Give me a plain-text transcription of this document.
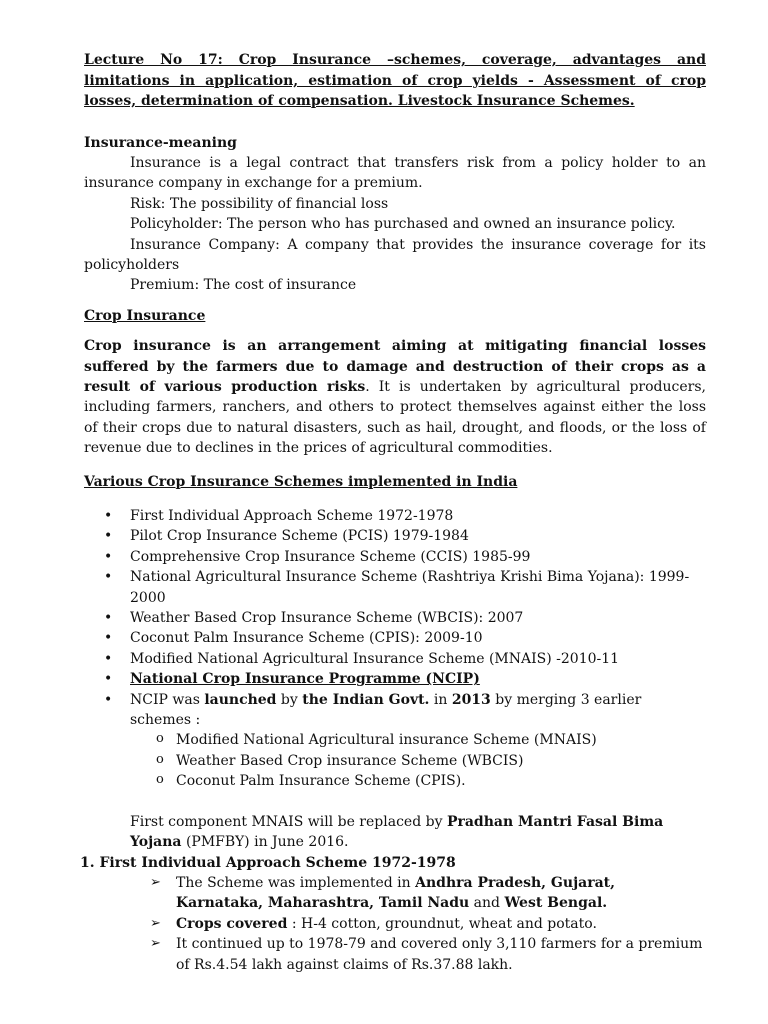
Lecture No 17: Crop Insurance –schemes, coverage, advantages and limitations in application, estimation of crop yields - Assessment of crop losses, determination of compensation. Livestock Insurance Schemes.

Insurance-meaning

Insurance is a legal contract that transfers risk from a policy holder to an insurance company in exchange for a premium.

Risk: The possibility of financial loss

Policyholder: The person who has purchased and owned an insurance policy.

Insurance Company: A company that provides the insurance coverage for its policyholders

Premium: The cost of insurance

Crop Insurance

Crop insurance is an arrangement aiming at mitigating financial losses suffered by the farmers due to damage and destruction of their crops as a result of various production risks. It is undertaken by agricultural producers, including farmers, ranchers, and others to protect themselves against either the loss of their crops due to natural disasters, such as hail, drought, and floods, or the loss of revenue due to declines in the prices of agricultural commodities.

Various Crop Insurance Schemes implemented in India

• First Individual Approach Scheme 1972-1978
• Pilot Crop Insurance Scheme (PCIS) 1979-1984
• Comprehensive Crop Insurance Scheme (CCIS) 1985-99
• National Agricultural Insurance Scheme (Rashtriya Krishi Bima Yojana): 1999-2000
• Weather Based Crop Insurance Scheme (WBCIS): 2007
• Coconut Palm Insurance Scheme (CPIS): 2009-10
• Modified National Agricultural Insurance Scheme (MNAIS) -2010-11
• National Crop Insurance Programme (NCIP)
• NCIP was launched by the Indian Govt. in 2013 by merging 3 earlier schemes :
o Modified National Agricultural insurance Scheme (MNAIS)
o Weather Based Crop insurance Scheme (WBCIS)
o Coconut Palm Insurance Scheme (CPIS).

First component MNAIS will be replaced by Pradhan Mantri Fasal Bima Yojana (PMFBY) in June 2016.

1. First Individual Approach Scheme 1972-1978

➢ The Scheme was implemented in Andhra Pradesh, Gujarat, Karnataka, Maharashtra, Tamil Nadu and West Bengal.
➢ Crops covered : H-4 cotton, groundnut, wheat and potato.
➢ It continued up to 1978-79 and covered only 3,110 farmers for a premium of Rs.4.54 lakh against claims of Rs.37.88 lakh.
